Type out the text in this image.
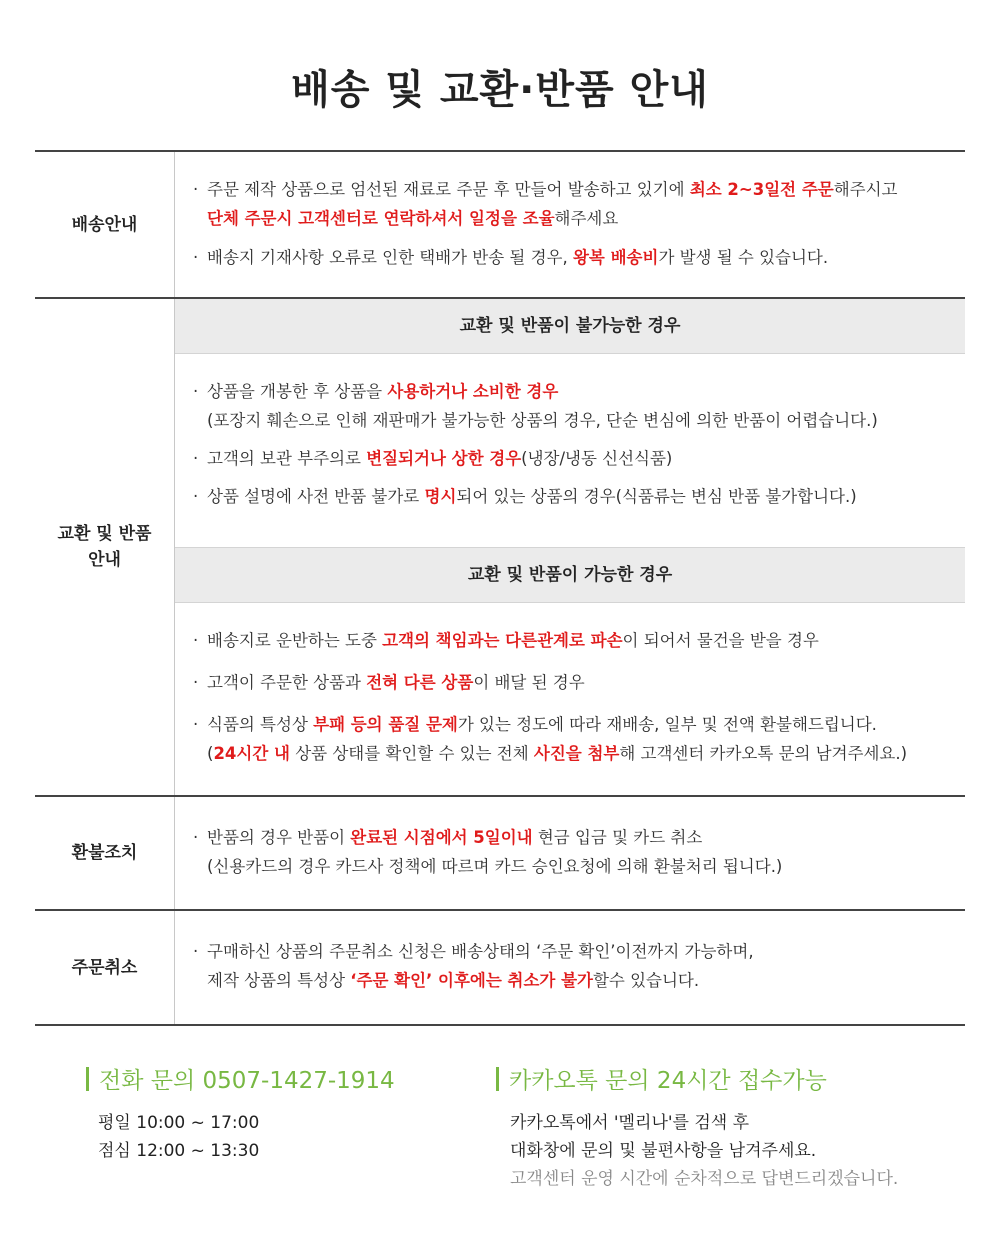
배송 및 교환·반품 안내
배송안내
· 주문 제작 상품으로 엄선된 재료로 주문 후 만들어 발송하고 있기에 최소 2~3일전 주문해주시고
단체 주문시 고객센터로 연락하셔서 일정을 조율해주세요
· 배송지 기재사항 오류로 인한 택배가 반송 될 경우, 왕복 배송비가 발생 될 수 있습니다.
교환 및 반품
안내
교환 및 반품이 불가능한 경우
· 상품을 개봉한 후 상품을 사용하거나 소비한 경우
(포장지 훼손으로 인해 재판매가 불가능한 상품의 경우, 단순 변심에 의한 반품이 어렵습니다.)
· 고객의 보관 부주의로 변질되거나 상한 경우(냉장/냉동 신선식품)
· 상품 설명에 사전 반품 불가로 명시되어 있는 상품의 경우(식품류는 변심 반품 불가합니다.)
교환 및 반품이 가능한 경우
· 배송지로 운반하는 도중 고객의 책임과는 다른관계로 파손이 되어서 물건을 받을 경우
· 고객이 주문한 상품과 전혀 다른 상품이 배달 된 경우
· 식품의 특성상 부패 등의 품질 문제가 있는 정도에 따라 재배송, 일부 및 전액 환불해드립니다.
(24시간 내 상품 상태를 확인할 수 있는 전체 사진을 첨부해 고객센터 카카오톡 문의 남겨주세요.)
환불조치
· 반품의 경우 반품이 완료된 시점에서 5일이내 현금 입금 및 카드 취소
(신용카드의 경우 카드사 정책에 따르며 카드 승인요청에 의해 환불처리 됩니다.)
주문취소
· 구매하신 상품의 주문취소 신청은 배송상태의 ‘주문 확인’이전까지 가능하며,
제작 상품의 특성상 ‘주문 확인’ 이후에는 취소가 불가할수 있습니다.
전화 문의 0507-1427-1914
평일 10:00 ~ 17:00
점심 12:00 ~ 13:30
카카오톡 문의 24시간 접수가능
카카오톡에서 '멜리나'를 검색 후
대화창에 문의 및 불편사항을 남겨주세요.
고객센터 운영 시간에 순차적으로 답변드리겠습니다.
